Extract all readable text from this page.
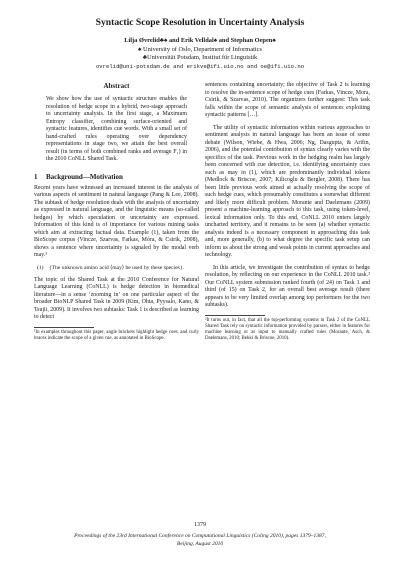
Syntactic Scope Resolution in Uncertainty Analysis
Lilja Øvrelid♣♠ and Erik Velldal♠ and Stephan Oepen♠
♠ University of Oslo, Department of Informatics
♣Universität Potsdam, Institut für Linguistik
ovrelid@uni-potsdam.de and erikve@ifi.uio.no and oe@ifi.uio.no
Abstract
We show how the use of syntactic structure enables the resolution of hedge scope in a hybrid, two-stage approach to uncertainty analysis. In the first stage, a Maximum Entropy classifier, combining surface-oriented and syntactic features, identifies cue words. With a small set of hand-crafted rules operating over dependency representations in stage two, we attain the best overall result (in terms of both combined ranks and average F₁) in the 2010 CoNLL Shared Task.
1 Background—Motivation

Recent years have witnessed an increased interest in the analysis of various aspects of sentiment in natural language (Pang & Lee, 2008). The subtask of hedge resolution deals with the analysis of uncertainty as expressed in natural language, and the linguistic means (so-called hedges) by which speculation or uncertainty are expressed. Information of this kind is of importance for various mining tasks which aim at extracting factual data. Example (1), taken from the BioScope corpus (Vincze, Szarvas, Farkas, Móra, & Csirik, 2008), shows a sentence where uncertainty is signaled by the modal verb may.¹

(1) {The unknown amino acid ⟨may⟩ be used by these species}.

The topic of the Shared Task at the 2010 Conference for Natural Language Learning (CoNLL) is hedge detection in biomedical literature—in a sense ‘zooming in’ on one particular aspect of the broader BioNLP Shared Task in 2009 (Kim, Ohta, Pyysalo, Kano, & Tsujii, 2009). It involves two subtasks: Task 1 is described as learning to detect

¹In examples throughout this paper, angle brackets highlight hedge cues, and curly braces indicate the scope of a given cue, as annotated in BioScope.

sentences containing uncertainty; the objective of Task 2 is learning to resolve the in-sentence scope of hedge cues (Farkas, Vincze, Mora, Csirik, & Szarvas, 2010). The organizers further suggest: This task falls within the scope of semantic analysis of sentences exploiting syntactic patterns […].

The utility of syntactic information within various approaches to sentiment analysis in natural language has been an issue of some debate (Wilson, Wiebe, & Hwa, 2006; Ng, Dasgupta, & Arifin, 2006), and the potential contribution of syntax clearly varies with the specifics of the task. Previous work in the hedging realm has largely been concerned with cue detection, i.e. identifying uncertainty cues such as may in (1), which are predominantly individual tokens (Medlock & Briscoe, 2007; Kilicoglu & Bergler, 2008). There has been little previous work aimed at actually resolving the scope of such hedge cues, which presumably constitutes a somewhat different and likely more difficult problem. Morante and Daelemans (2009) present a machine-learning approach to this task, using token-level, lexical information only. To this end, CoNLL 2010 enters largely uncharted territory, and it remains to be seen (a) whether syntactic analysis indeed is a necessary component in approaching this task and, more generally, (b) to what degree the specific task setup can inform us about the strong and weak points in current approaches and technology.

In this article, we investigate the contribution of syntax to hedge resolution, by reflecting on our experience in the CoNLL 2010 task.² Our CoNLL system submission ranked fourth (of 24) on Task 1 and third (of 15) on Task 2, for an overall best average result (there appears to be very limited overlap among top performers for the two subtasks).

²It turns out, in fact, that all the top-performing systems in Task 2 of the CoNLL Shared Task rely on syntactic information provided by parsers, either in features for machine learning or as input to manually crafted rules (Morante, Asch, & Daelemans, 2010; Bekki & Briscoe, 2010).
1379
Proceedings of the 23rd International Conference on Computational Linguistics (Coling 2010), pages 1379–1387,
Beijing, August 2010
